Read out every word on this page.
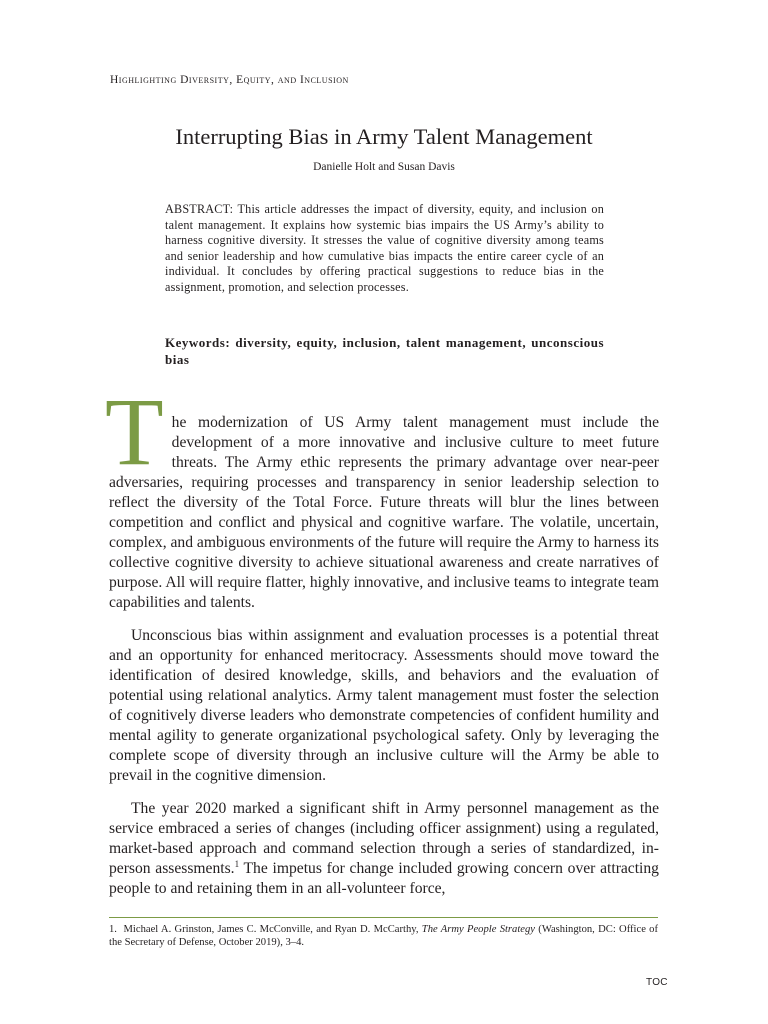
Highlighting Diversity, Equity, and Inclusion
Interrupting Bias in Army Talent Management
Danielle Holt and Susan Davis

ABSTRACT: This article addresses the impact of diversity, equity, and inclusion on talent management. It explains how systemic bias impairs the US Army’s ability to harness cognitive diversity. It stresses the value of cognitive diversity among teams and senior leadership and how cumulative bias impacts the entire career cycle of an individual. It concludes by offering practical suggestions to reduce bias in the assignment, promotion, and selection processes.

Keywords: diversity, equity, inclusion, talent management, unconscious bias

The modernization of US Army talent management must include the development of a more innovative and inclusive culture to meet future threats. The Army ethic represents the primary advantage over near-peer adversaries, requiring processes and transparency in senior leadership selection to reflect the diversity of the Total Force. Future threats will blur the lines between competition and conflict and physical and cognitive warfare. The volatile, uncertain, complex, and ambiguous environments of the future will require the Army to harness its collective cognitive diversity to achieve situational awareness and create narratives of purpose. All will require flatter, highly innovative, and inclusive teams to integrate team capabilities and talents.

Unconscious bias within assignment and evaluation processes is a potential threat and an opportunity for enhanced meritocracy. Assessments should move toward the identification of desired knowledge, skills, and behaviors and the evaluation of potential using relational analytics. Army talent management must foster the selection of cognitively diverse leaders who demonstrate competencies of confident humility and mental agility to generate organizational psychological safety. Only by leveraging the complete scope of diversity through an inclusive culture will the Army be able to prevail in the cognitive dimension.

The year 2020 marked a significant shift in Army personnel management as the service embraced a series of changes (including officer assignment) using a regulated, market-based approach and command selection through a series of standardized, in-person assessments.$^1$ The impetus for change included growing concern over attracting people to and retaining them in an all-volunteer force,

1. Michael A. Grinston, James C. McConville, and Ryan D. McCarthy, The Army People Strategy (Washington, DC: Office of the Secretary of Defense, October 2019), 3–4.
TOC
